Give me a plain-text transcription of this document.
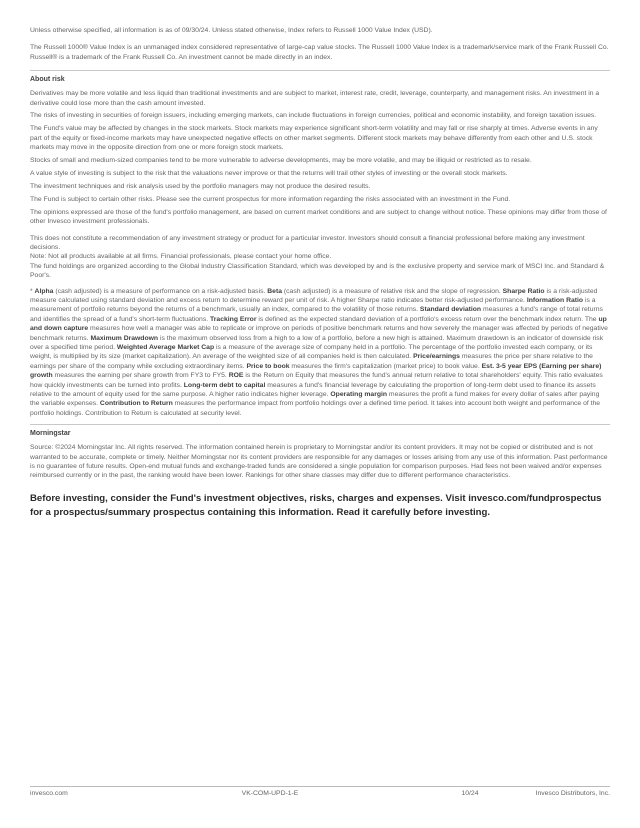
Unless otherwise specified, all information is as of 09/30/24. Unless stated otherwise, Index refers to Russell 1000 Value Index (USD).

The Russell 1000® Value Index is an unmanaged index considered representative of large-cap value stocks. The Russell 1000 Value Index is a trademark/service mark of the Frank Russell Co. Russell® is a trademark of the Frank Russell Co. An investment cannot be made directly in an index.

About risk

Derivatives may be more volatile and less liquid than traditional investments and are subject to market, interest rate, credit, leverage, counterparty, and management risks. An investment in a derivative could lose more than the cash amount invested.

The risks of investing in securities of foreign issuers, including emerging markets, can include fluctuations in foreign currencies, political and economic instability, and foreign taxation issues.

The Fund's value may be affected by changes in the stock markets. Stock markets may experience significant short-term volatility and may fall or rise sharply at times. Adverse events in any part of the equity or fixed-income markets may have unexpected negative effects on other market segments. Different stock markets may behave differently from each other and U.S. stock markets may move in the opposite direction from one or more foreign stock markets.

Stocks of small and medium-sized companies tend to be more vulnerable to adverse developments, may be more volatile, and may be illiquid or restricted as to resale.

A value style of investing is subject to the risk that the valuations never improve or that the returns will trail other styles of investing or the overall stock markets.

The investment techniques and risk analysis used by the portfolio managers may not produce the desired results.

The Fund is subject to certain other risks. Please see the current prospectus for more information regarding the risks associated with an investment in the Fund.

The opinions expressed are those of the fund's portfolio management, are based on current market conditions and are subject to change without notice. These opinions may differ from those of other Invesco investment professionals.

This does not constitute a recommendation of any investment strategy or product for a particular investor. Investors should consult a financial professional before making any investment decisions.

Note: Not all products available at all firms. Financial professionals, please contact your home office.

The fund holdings are organized according to the Global Industry Classification Standard, which was developed by and is the exclusive property and service mark of MSCI Inc. and Standard & Poor's.

* Alpha (cash adjusted) is a measure of performance on a risk-adjusted basis. Beta (cash adjusted) is a measure of relative risk and the slope of regression. Sharpe Ratio is a risk-adjusted measure calculated using standard deviation and excess return to determine reward per unit of risk. A higher Sharpe ratio indicates better risk-adjusted performance. Information Ratio is a measurement of portfolio returns beyond the returns of a benchmark, usually an index, compared to the volatility of those returns. Standard deviation measures a fund's range of total returns and identifies the spread of a fund's short-term fluctuations. Tracking Error is defined as the expected standard deviation of a portfolio's excess return over the benchmark index return. The up and down capture measures how well a manager was able to replicate or improve on periods of positive benchmark returns and how severely the manager was affected by periods of negative benchmark returns. Maximum Drawdown is the maximum observed loss from a high to a low of a portfolio, before a new high is attained. Maximum drawdown is an indicator of downside risk over a specified time period. Weighted Average Market Cap is a measure of the average size of company held in a portfolio. The percentage of the portfolio invested each company, or its weight, is multiplied by its size (market capitalization). An average of the weighted size of all companies held is then calculated. Price/earnings measures the price per share relative to the earnings per share of the company while excluding extraordinary items. Price to book measures the firm's capitalization (market price) to book value. Est. 3-5 year EPS (Earning per share) growth measures the earning per share growth from FY3 to FY5. ROE is the Return on Equity that measures the fund's annual return relative to total shareholders' equity. This ratio evaluates how quickly investments can be turned into profits. Long-term debt to capital measures a fund's financial leverage by calculating the proportion of long-term debt used to finance its assets relative to the amount of equity used for the same purpose. A higher ratio indicates higher leverage. Operating margin measures the profit a fund makes for every dollar of sales after paying the variable expenses. Contribution to Return measures the performance impact from portfolio holdings over a defined time period. It takes into account both weight and performance of the portfolio holdings. Contribution to Return is calculated at security level.

Morningstar

Source: ©2024 Morningstar Inc. All rights reserved. The information contained herein is proprietary to Morningstar and/or its content providers. It may not be copied or distributed and is not warranted to be accurate, complete or timely. Neither Morningstar nor its content providers are responsible for any damages or losses arising from any use of this information. Past performance is no guarantee of future results. Open-end mutual funds and exchange-traded funds are considered a single population for comparison purposes. Had fees not been waived and/or expenses reimbursed currently or in the past, the ranking would have been lower. Rankings for other share classes may differ due to different performance characteristics.

Before investing, consider the Fund's investment objectives, risks, charges and expenses. Visit invesco.com/fundprospectus for a prospectus/summary prospectus containing this information. Read it carefully before investing.

invesco.com	VK-COM-UPD-1-E	10/24	Invesco Distributors, Inc.
